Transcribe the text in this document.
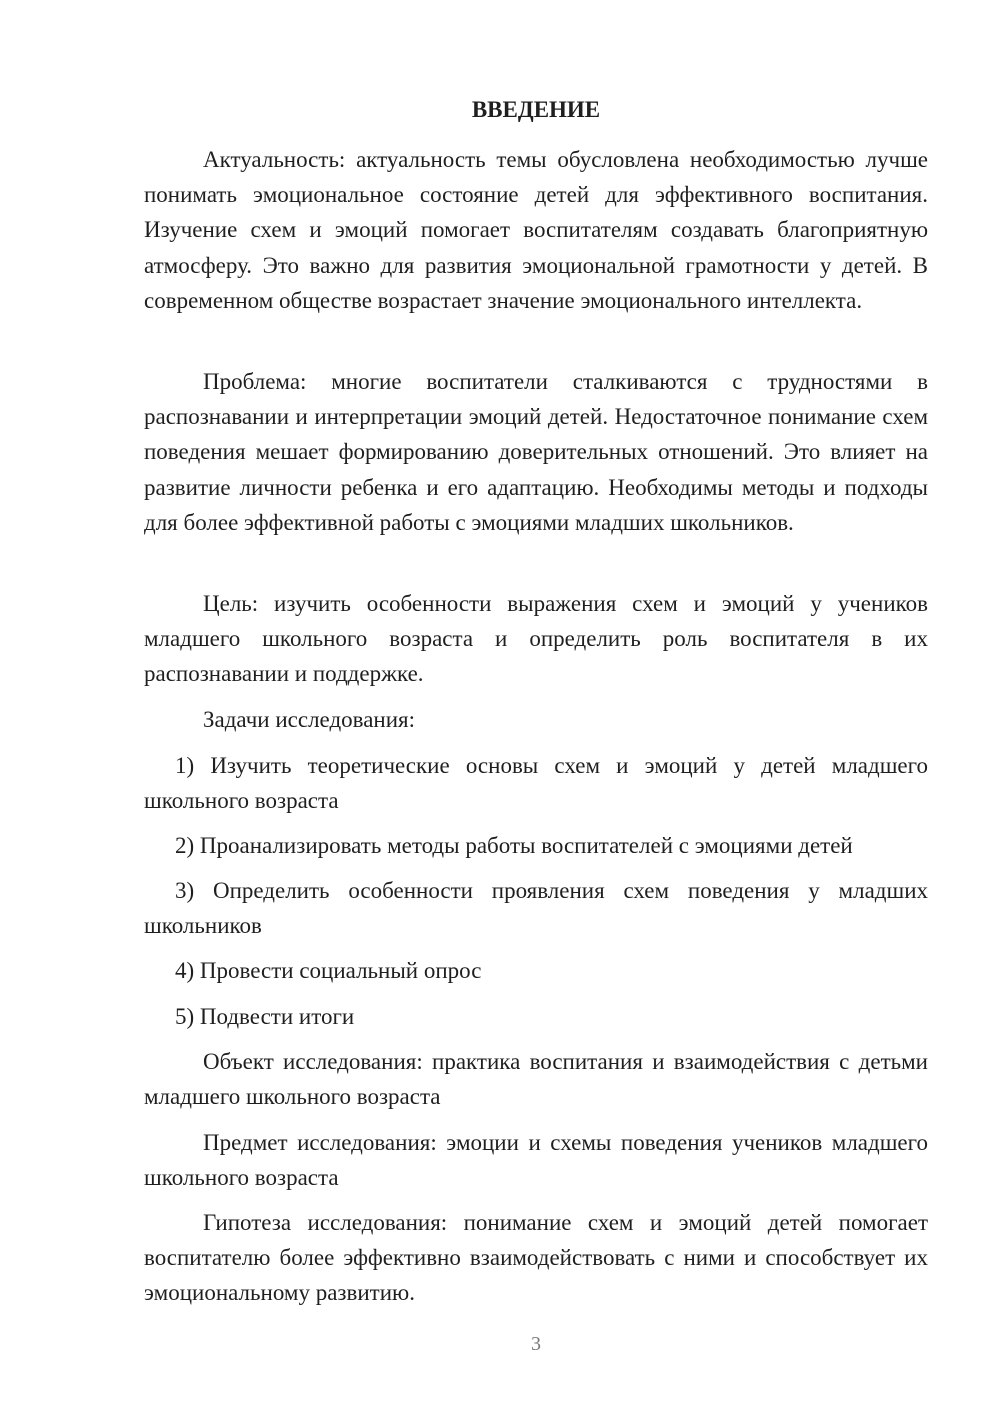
ВВЕДЕНИЕ

Актуальность: актуальность темы обусловлена необходимостью лучше понимать эмоциональное состояние детей для эффективного воспитания. Изучение схем и эмоций помогает воспитателям создавать благоприятную атмосферу. Это важно для развития эмоциональной грамотности у детей. В современном обществе возрастает значение эмоционального интеллекта.

Проблема: многие воспитатели сталкиваются с трудностями в распознавании и интерпретации эмоций детей. Недостаточное понимание схем поведения мешает формированию доверительных отношений. Это влияет на развитие личности ребенка и его адаптацию. Необходимы методы и подходы для более эффективной работы с эмоциями младших школьников.

Цель: изучить особенности выражения схем и эмоций у учеников младшего школьного возраста и определить роль воспитателя в их распознавании и поддержке.

Задачи исследования:

1) Изучить теоретические основы схем и эмоций у детей младшего школьного возраста

2) Проанализировать методы работы воспитателей с эмоциями детей

3) Определить особенности проявления схем поведения у младших школьников

4) Провести социальный опрос

5) Подвести итоги

Объект исследования: практика воспитания и взаимодействия с детьми младшего школьного возраста

Предмет исследования: эмоции и схемы поведения учеников младшего школьного возраста

Гипотеза исследования: понимание схем и эмоций детей помогает воспитателю более эффективно взаимодействовать с ними и способствует их эмоциональному развитию.

3
